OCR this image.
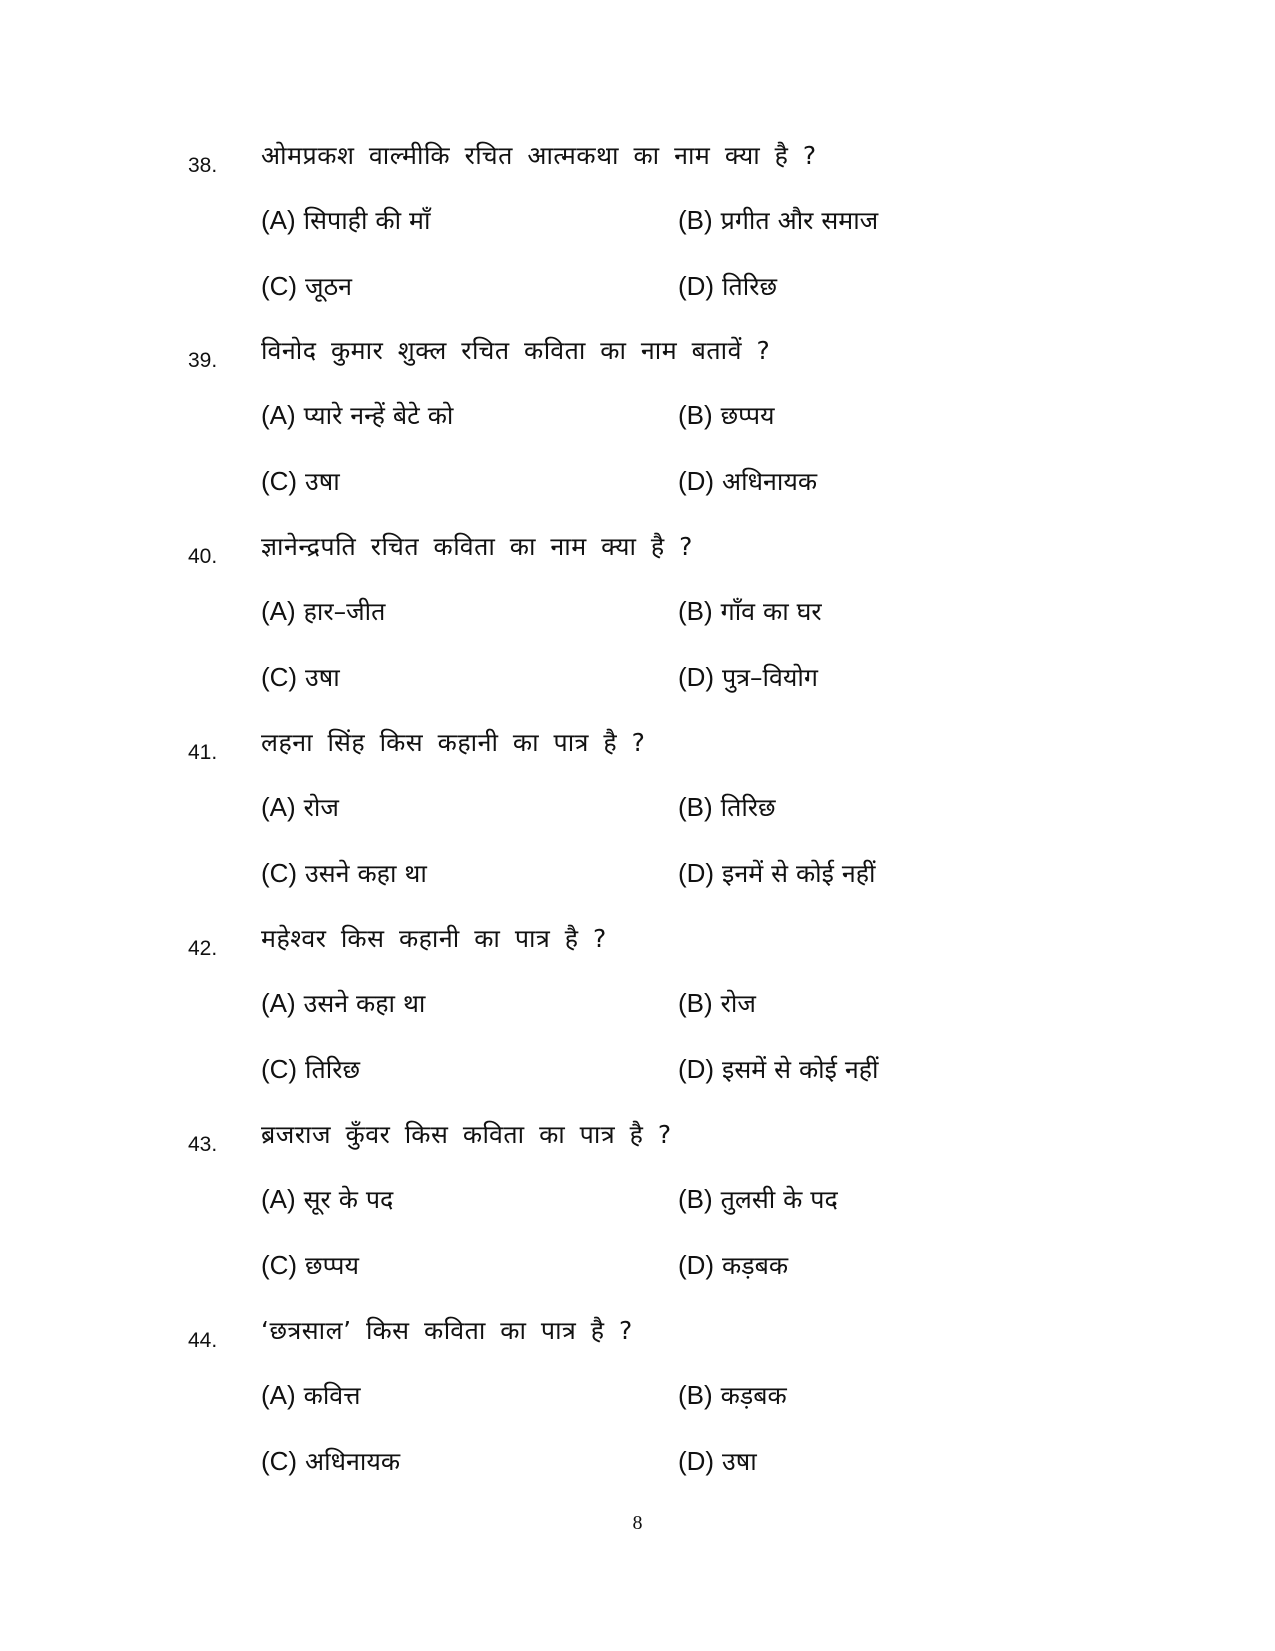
38. ओमप्रकश वाल्मीकि रचित आत्मकथा का नाम क्या है ?
(A) सिपाही की माँ	(B) प्रगीत और समाज
(C) जूठन	(D) तिरिछ
39. विनोद कुमार शुक्ल रचित कविता का नाम बतावें ?
(A) प्यारे नन्हें बेटे को	(B) छप्पय
(C) उषा	(D) अधिनायक
40. ज्ञानेन्द्रपति रचित कविता का नाम क्या है ?
(A) हार–जीत	(B) गाँव का घर
(C) उषा	(D) पुत्र–वियोग
41. लहना सिंह किस कहानी का पात्र है ?
(A) रोज	(B) तिरिछ
(C) उसने कहा था	(D) इनमें से कोई नहीं
42. महेश्वर किस कहानी का पात्र है ?
(A) उसने कहा था	(B) रोज
(C) तिरिछ	(D) इसमें से कोई नहीं
43. ब्रजराज कुँवर किस कविता का पात्र है ?
(A) सूर के पद	(B) तुलसी के पद
(C) छप्पय	(D) कड़बक
44. ‘छत्रसाल’ किस कविता का पात्र है ?
(A) कवित्त	(B) कड़बक
(C) अधिनायक	(D) उषा
8
